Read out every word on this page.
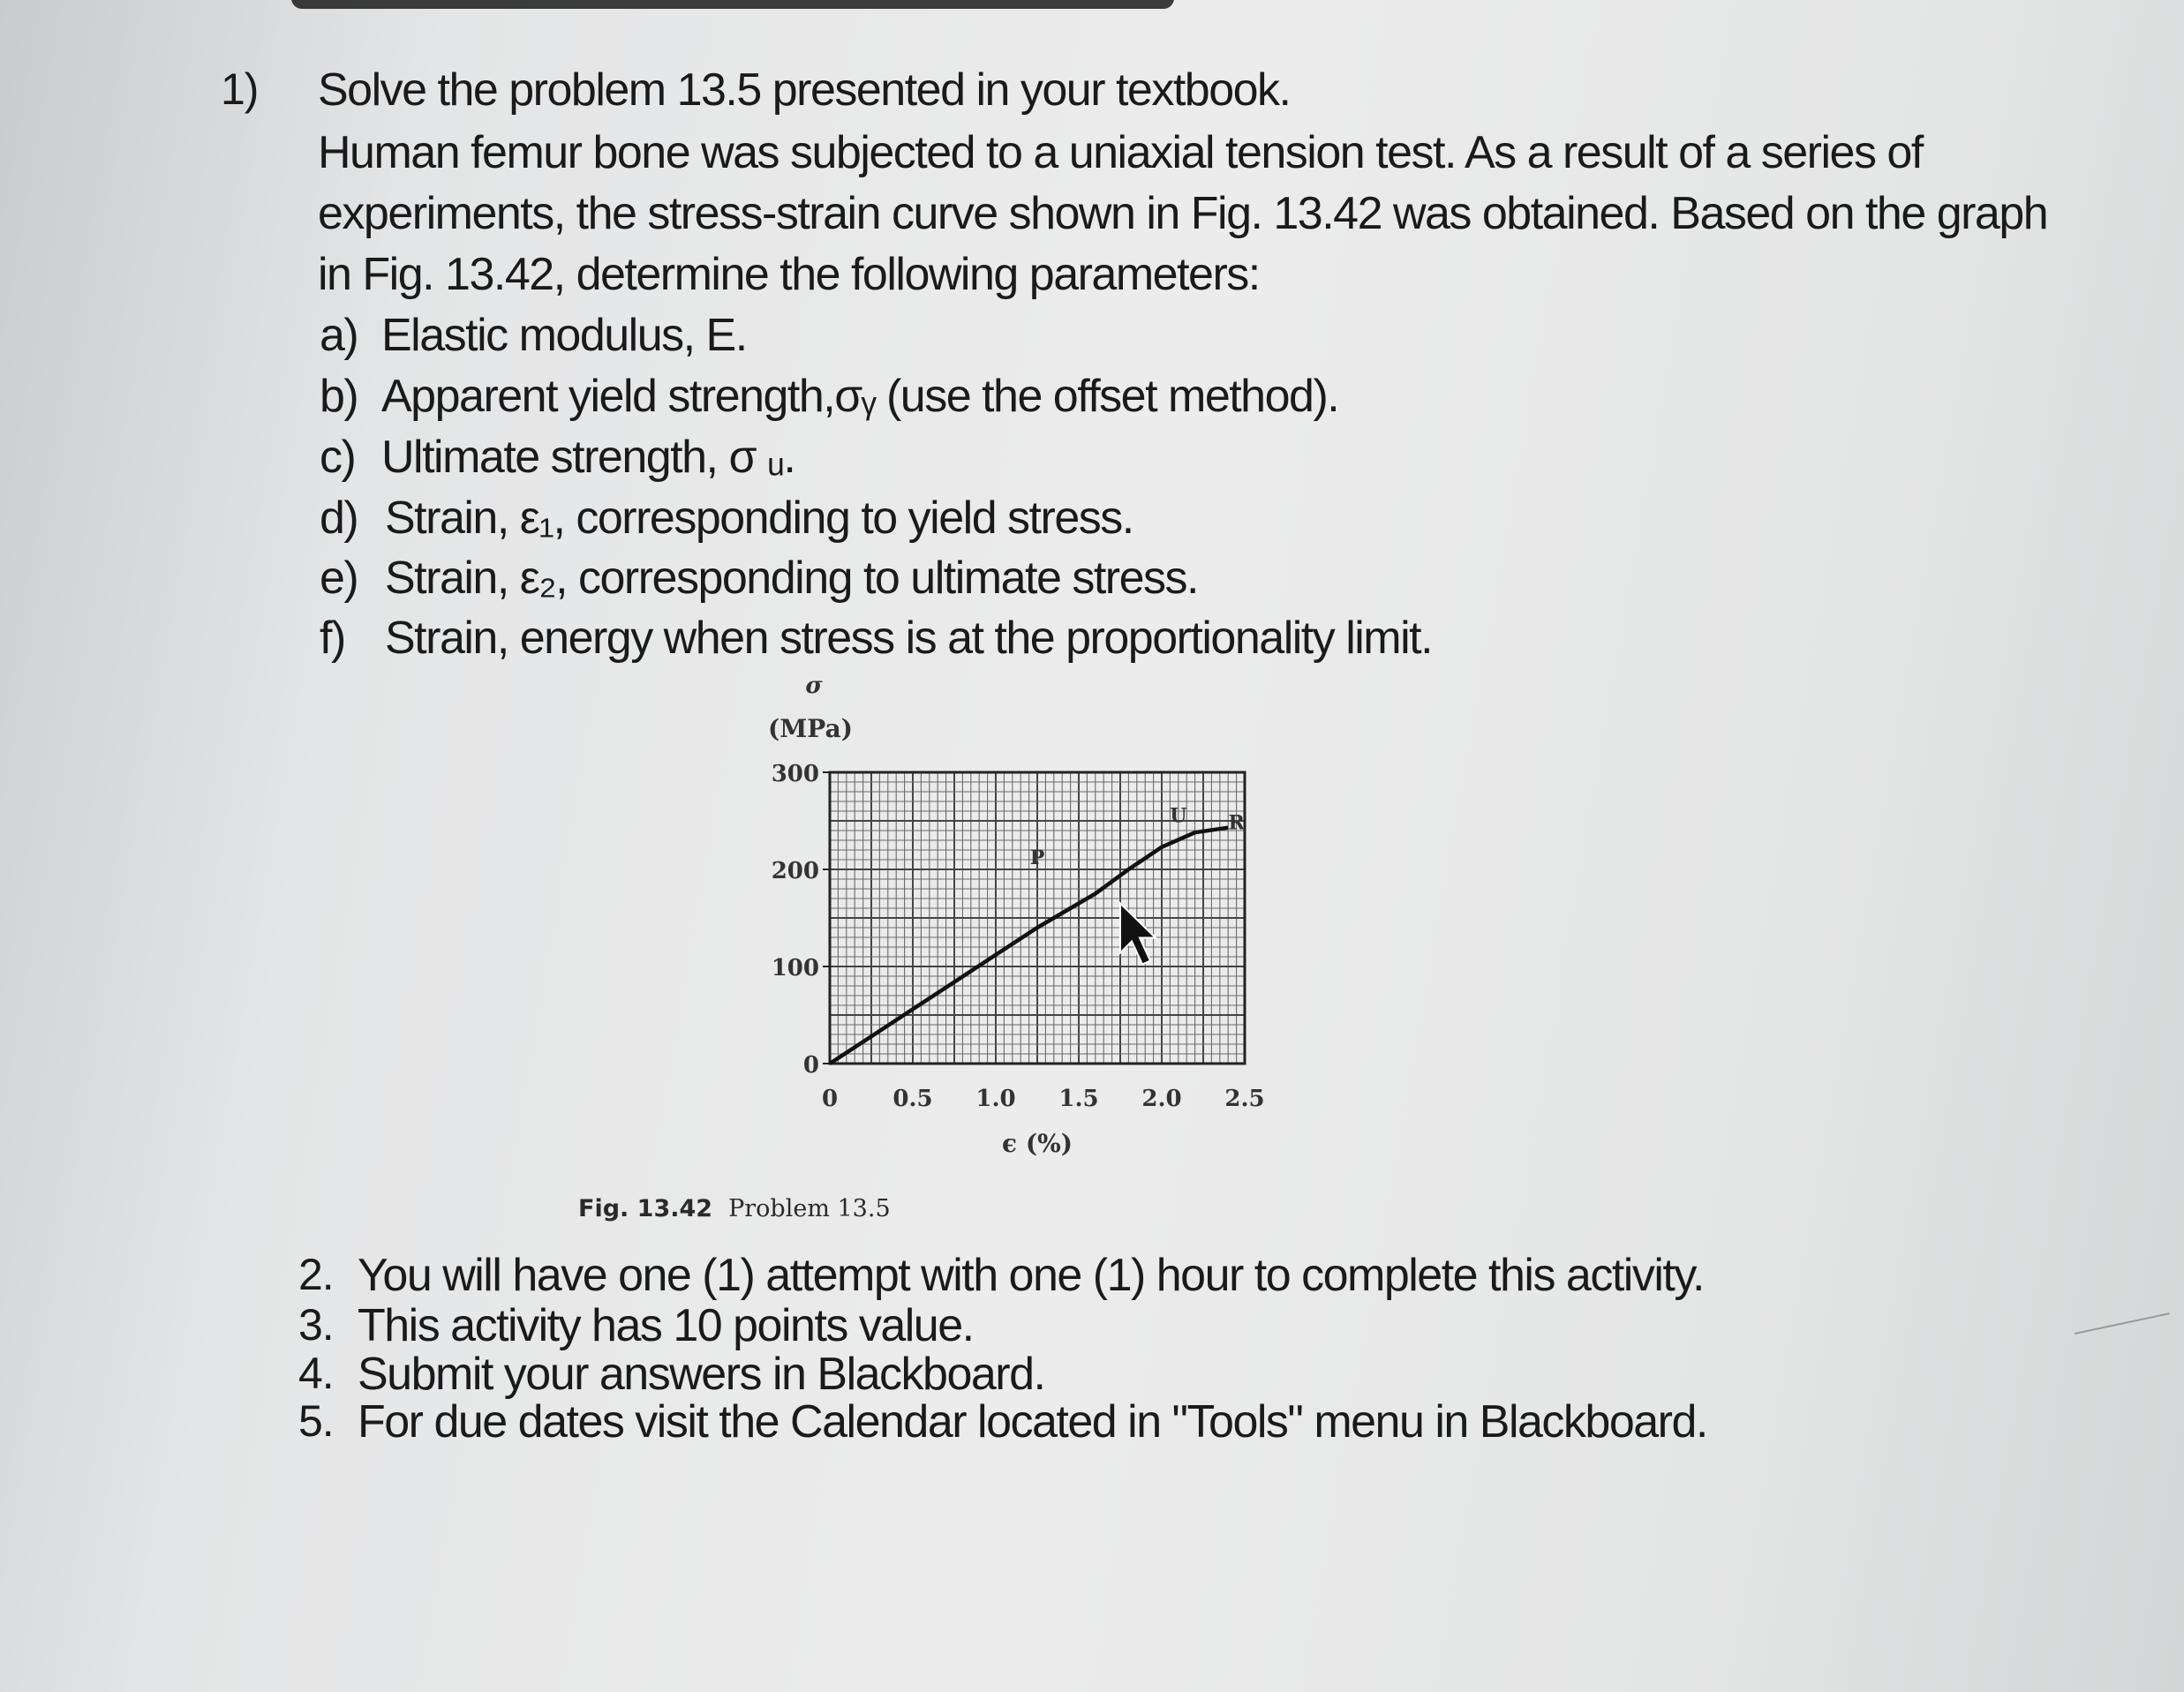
1) Solve the problem 13.5 presented in your textbook.
Human femur bone was subjected to a uniaxial tension test. As a result of a series of
experiments, the stress-strain curve shown in Fig. 13.42 was obtained. Based on the graph
in Fig. 13.42, determine the following parameters:
a) Elastic modulus, E.
b) Apparent yield strength,σᵧ (use the offset method).
c) Ultimate strength, σ ᵤ.
d) Strain, ε₁, corresponding to yield stress.
e) Strain, ε₂, corresponding to ultimate stress.
f) Strain, energy when stress is at the proportionality limit.
300
200
100
0
0 0.5 1.0 1.5 2.0 2.5
σ
(MPa)
ϵ (%)
P
U R
Fig. 13.42 Problem 13.5
2. You will have one (1) attempt with one (1) hour to complete this activity.
3. This activity has 10 points value.
4. Submit your answers in Blackboard.
5. For due dates visit the Calendar located in "Tools" menu in Blackboard.
